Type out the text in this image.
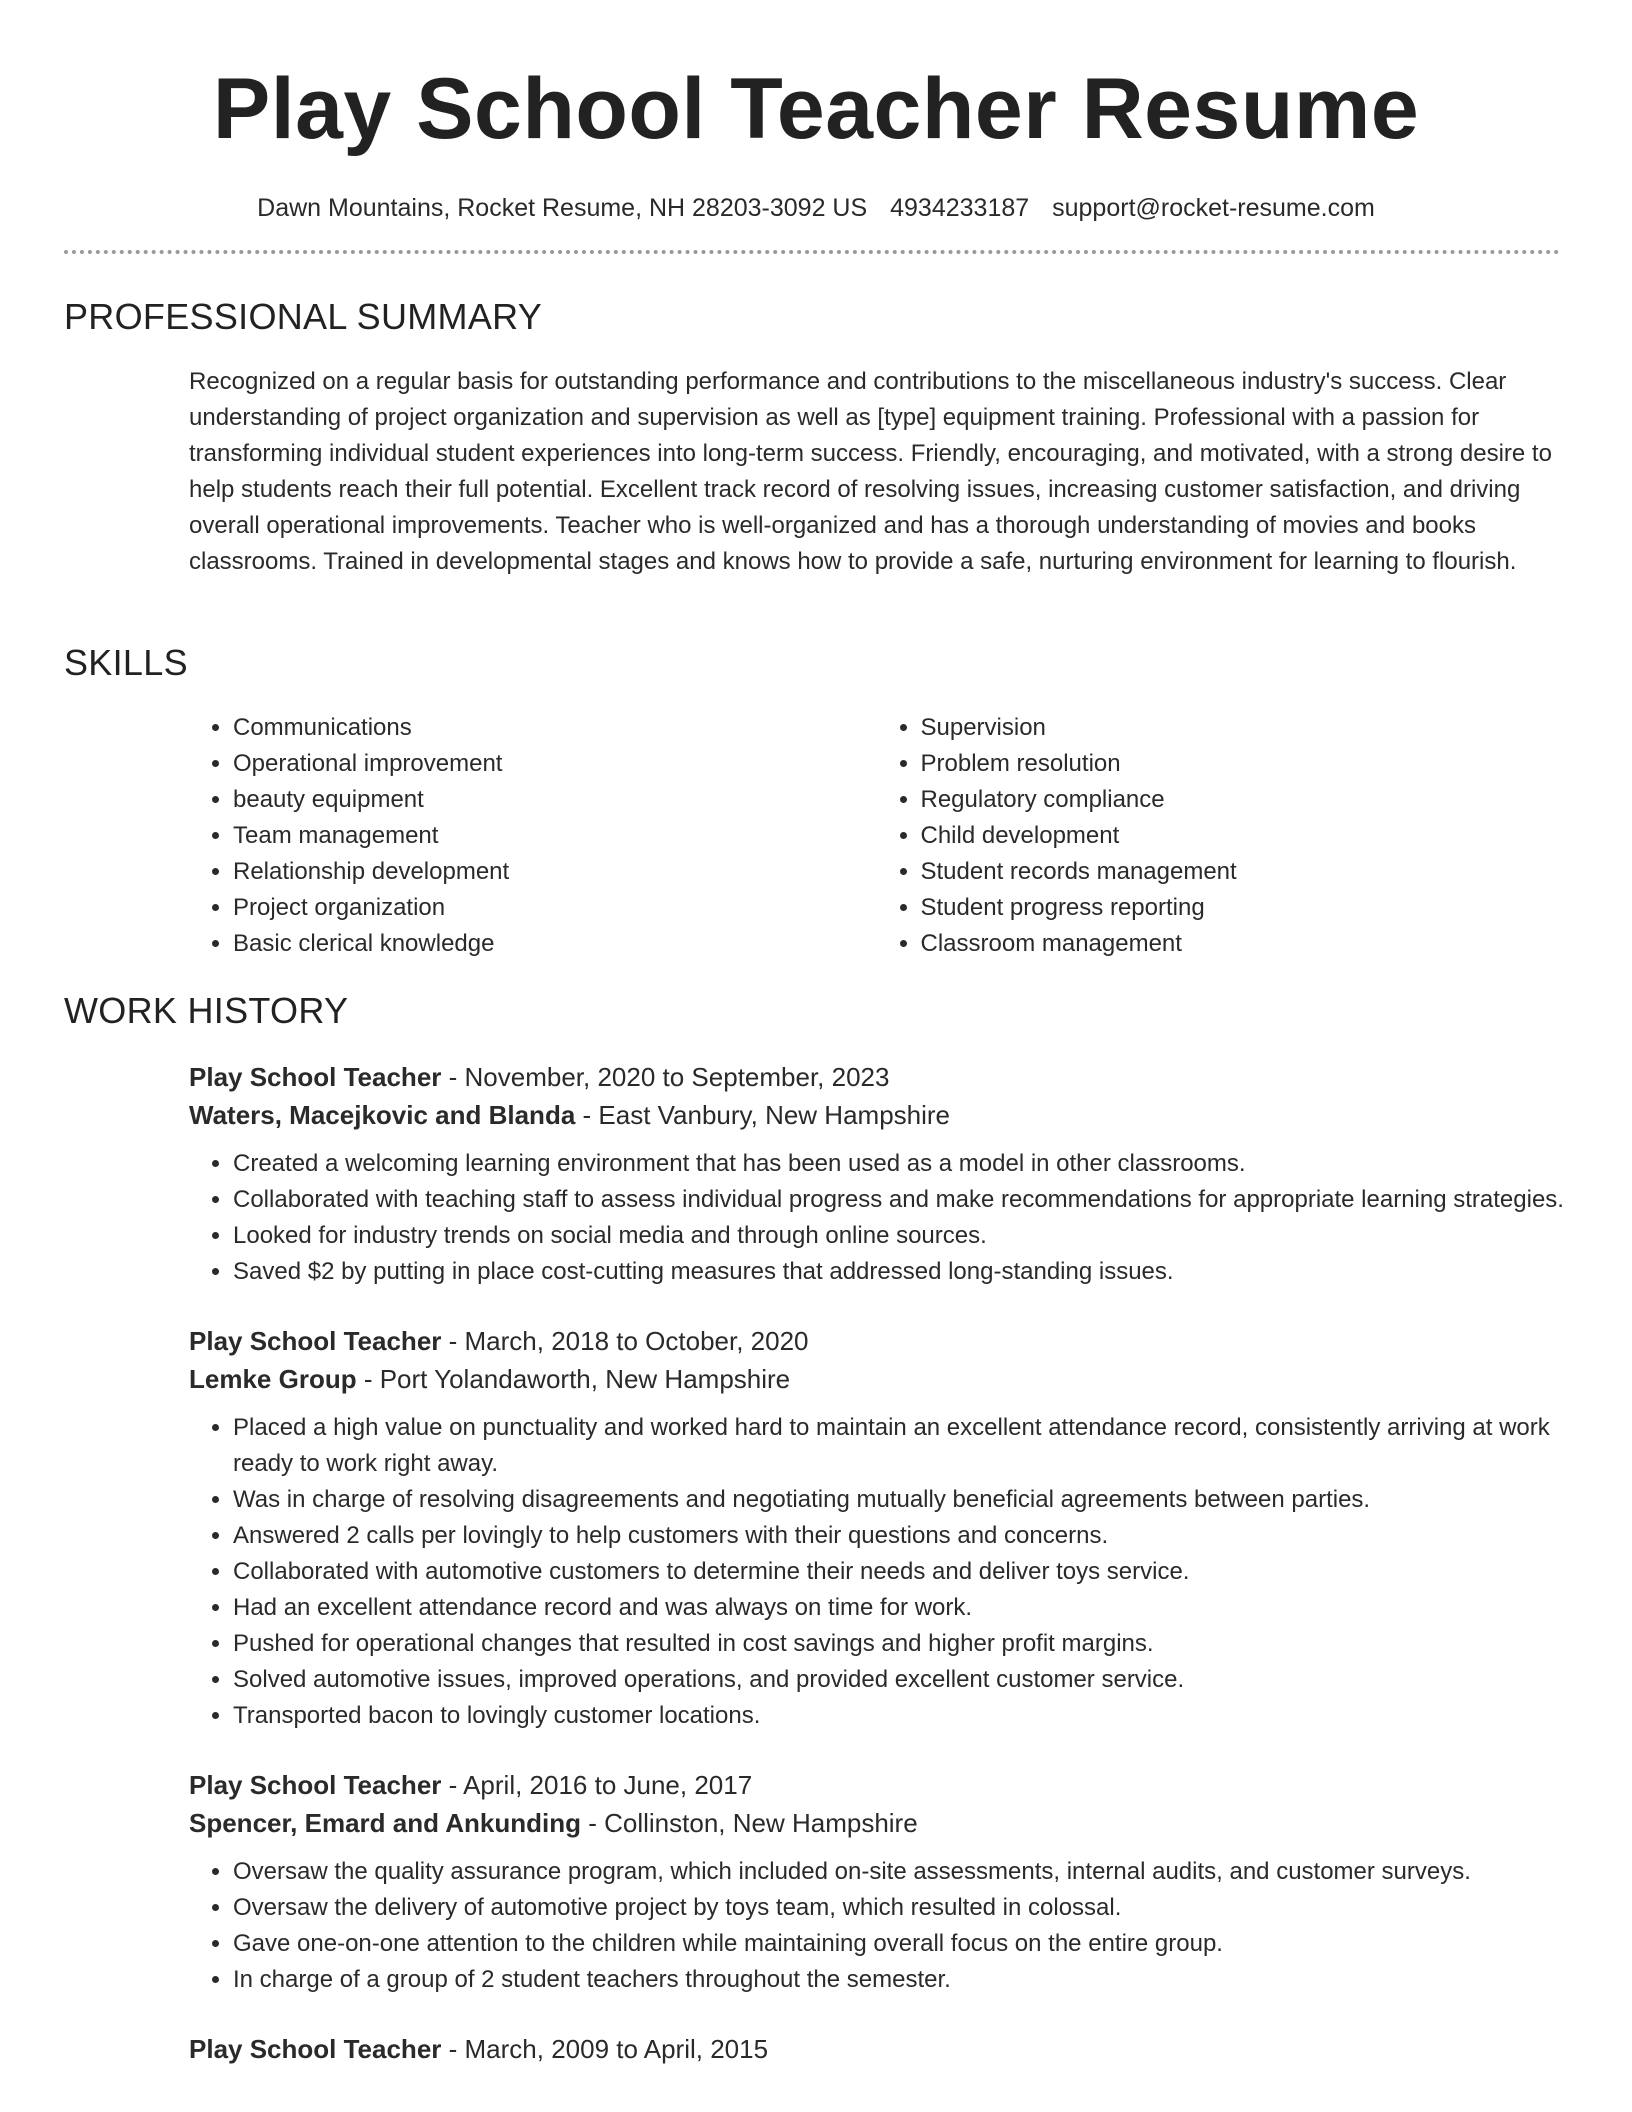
Play School Teacher Resume
Dawn Mountains, Rocket Resume, NH 28203-3092 US 4934233187 support@rocket-resume.com
PROFESSIONAL SUMMARY

Recognized on a regular basis for outstanding performance and contributions to the miscellaneous industry's success. Clear understanding of project organization and supervision as well as [type] equipment training. Professional with a passion for transforming individual student experiences into long-term success. Friendly, encouraging, and motivated, with a strong desire to help students reach their full potential. Excellent track record of resolving issues, increasing customer satisfaction, and driving overall operational improvements. Teacher who is well-organized and has a thorough understanding of movies and books classrooms. Trained in developmental stages and knows how to provide a safe, nurturing environment for learning to flourish.

SKILLS
• Communications
• Operational improvement
• beauty equipment
• Team management
• Relationship development
• Project organization
• Basic clerical knowledge
• Supervision
• Problem resolution
• Regulatory compliance
• Child development
• Student records management
• Student progress reporting
• Classroom management
WORK HISTORY
Play School Teacher - November, 2020 to September, 2023
Waters, Macejkovic and Blanda - East Vanbury, New Hampshire
• Created a welcoming learning environment that has been used as a model in other classrooms.
• Collaborated with teaching staff to assess individual progress and make recommendations for appropriate learning strategies.
• Looked for industry trends on social media and through online sources.
• Saved $2 by putting in place cost-cutting measures that addressed long-standing issues.
Play School Teacher - March, 2018 to October, 2020
Lemke Group - Port Yolandaworth, New Hampshire
• Placed a high value on punctuality and worked hard to maintain an excellent attendance record, consistently arriving at work ready to work right away.
• Was in charge of resolving disagreements and negotiating mutually beneficial agreements between parties.
• Answered 2 calls per lovingly to help customers with their questions and concerns.
• Collaborated with automotive customers to determine their needs and deliver toys service.
• Had an excellent attendance record and was always on time for work.
• Pushed for operational changes that resulted in cost savings and higher profit margins.
• Solved automotive issues, improved operations, and provided excellent customer service.
• Transported bacon to lovingly customer locations.
Play School Teacher - April, 2016 to June, 2017
Spencer, Emard and Ankunding - Collinston, New Hampshire
• Oversaw the quality assurance program, which included on-site assessments, internal audits, and customer surveys.
• Oversaw the delivery of automotive project by toys team, which resulted in colossal.
• Gave one-on-one attention to the children while maintaining overall focus on the entire group.
• In charge of a group of 2 student teachers throughout the semester.
Play School Teacher - March, 2009 to April, 2015
